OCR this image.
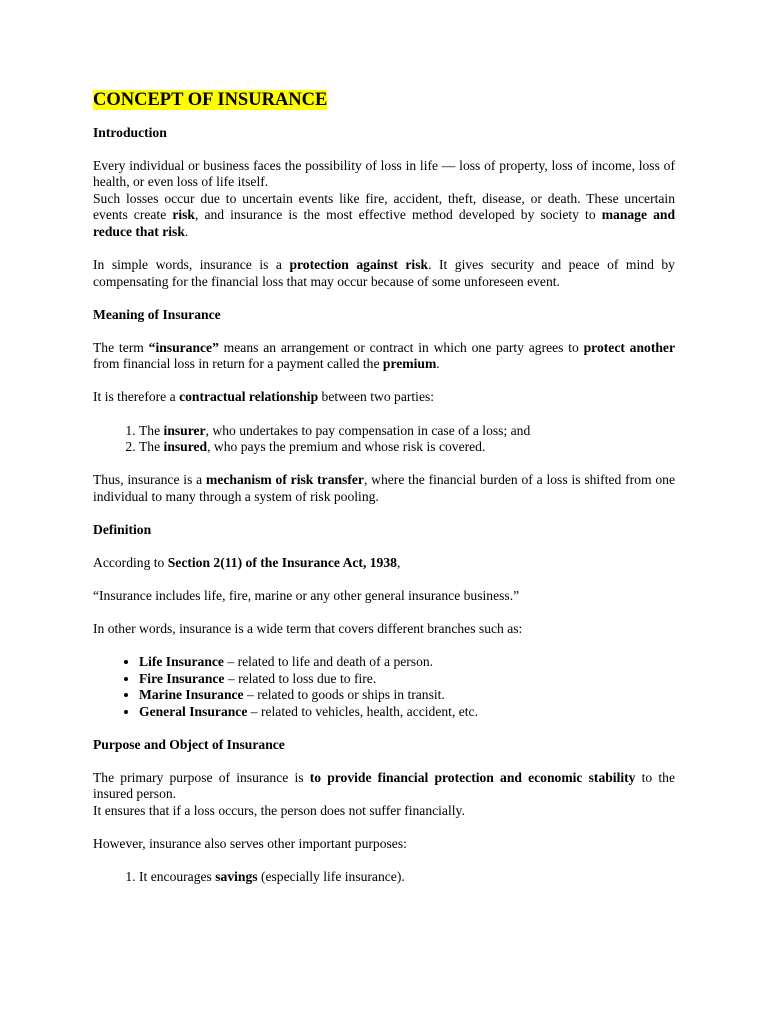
CONCEPT OF INSURANCE
Introduction

Every individual or business faces the possibility of loss in life — loss of property, loss of income, loss of health, or even loss of life itself.
Such losses occur due to uncertain events like fire, accident, theft, disease, or death. These uncertain events create risk, and insurance is the most effective method developed by society to manage and reduce that risk.

In simple words, insurance is a protection against risk. It gives security and peace of mind by compensating for the financial loss that may occur because of some unforeseen event.

Meaning of Insurance

The term “insurance” means an arrangement or contract in which one party agrees to protect another from financial loss in return for a payment called the premium.

It is therefore a contractual relationship between two parties:

1. The insurer, who undertakes to pay compensation in case of a loss; and
2. The insured, who pays the premium and whose risk is covered.

Thus, insurance is a mechanism of risk transfer, where the financial burden of a loss is shifted from one individual to many through a system of risk pooling.

Definition

According to Section 2(11) of the Insurance Act, 1938,

“Insurance includes life, fire, marine or any other general insurance business.”

In other words, insurance is a wide term that covers different branches such as:

• Life Insurance – related to life and death of a person.
• Fire Insurance – related to loss due to fire.
• Marine Insurance – related to goods or ships in transit.
• General Insurance – related to vehicles, health, accident, etc.
Purpose and Object of Insurance

The primary purpose of insurance is to provide financial protection and economic stability to the insured person.
It ensures that if a loss occurs, the person does not suffer financially.

However, insurance also serves other important purposes:

1. It encourages savings (especially life insurance).
